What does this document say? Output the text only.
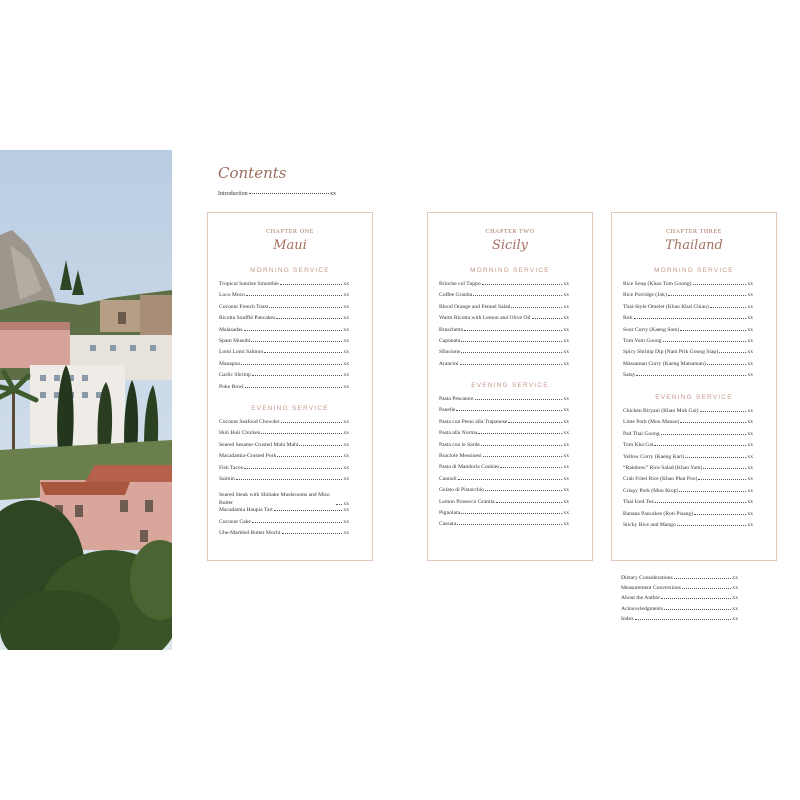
Contents
Introduction	xx
CHAPTER ONE
Maui
MORNING SERVICE
Tropical Sunrise Smoothie	xx
Loco Moco	xx
Coconut French Toast	xx
Ricotta Soufflé Pancakes	xx
Malasadas	xx
Spam Musubi	xx
Lomi Lomi Salmon	xx
Manapua	xx
Garlic Shrimp	xx
Poke Bowl	xx
EVENING SERVICE
Coconut Seafood Chowder	xx
Huli Huli Chicken	xx
Seared Sesame-Crusted Mahi Mahi	xx
Macadamia-Crusted Pork	xx
Fish Tacos	xx
Saimin	xx
Seared Steak with Shiitake Mushrooms and Miso Butter	xx
Macadamia Haupia Tart	xx
Coconut Cake	xx
Ube-Marbled Butter Mochi	xx
CHAPTER TWO
Sicily
MORNING SERVICE
Brioche col Tuppo	xx
Coffee Granita	xx
Blood Orange and Fennel Salad	xx
Warm Ricotta with Lemon and Olive Oil	xx
Bruschetta	xx
Caponata	xx
Sfincione	xx
Arancini	xx
EVENING SERVICE
Pasta Pescatore	xx
Panelle	xx
Pasta con Pesto alla Trapanese	xx
Pasta alla Norma	xx
Pasta con le Sarde	xx
Braciole Messinesi	xx
Pasta di Mandorla Cookies	xx
Cannoli	xx
Gelato di Pistacchio	xx
Lemon Prosecco Granita	xx
Pignolata	xx
Cassata	xx
CHAPTER THREE
Thailand
MORNING SERVICE
Rice Soup (Khao Tom Goong)	xx
Rice Porridge (Jok)	xx
Thai-Style Omelet (Khao Khai Chiao)	xx
Roti	xx
Sour Curry (Kaeng Som)	xx
Tom Yum Goong	xx
Spicy Shrimp Dip (Nam Prik Goong Siap)	xx
Massaman Curry (Kaeng Matsaman)	xx
Satay	xx
EVENING SERVICE
Chicken Biryani (Khao Mok Gai)	xx
Lime Pork (Moo Manao)	xx
Pad Thai Goong	xx
Tom Kha Gai	xx
Yellow Curry (Kaeng Kari)	xx
“Rainbow” Rice Salad (Khao Yam)	xx
Crab Fried Rice (Khao Phat Poo)	xx
Crispy Pork (Moo Krop)	xx
Thai Iced Tea	xx
Banana Pancakes (Roti Pisang)	xx
Sticky Rice and Mango	xx
Dietary Considerations	xx
Measurement Conversions	xx
About the Author	xx
Acknowledgments	xx
Index	xx
